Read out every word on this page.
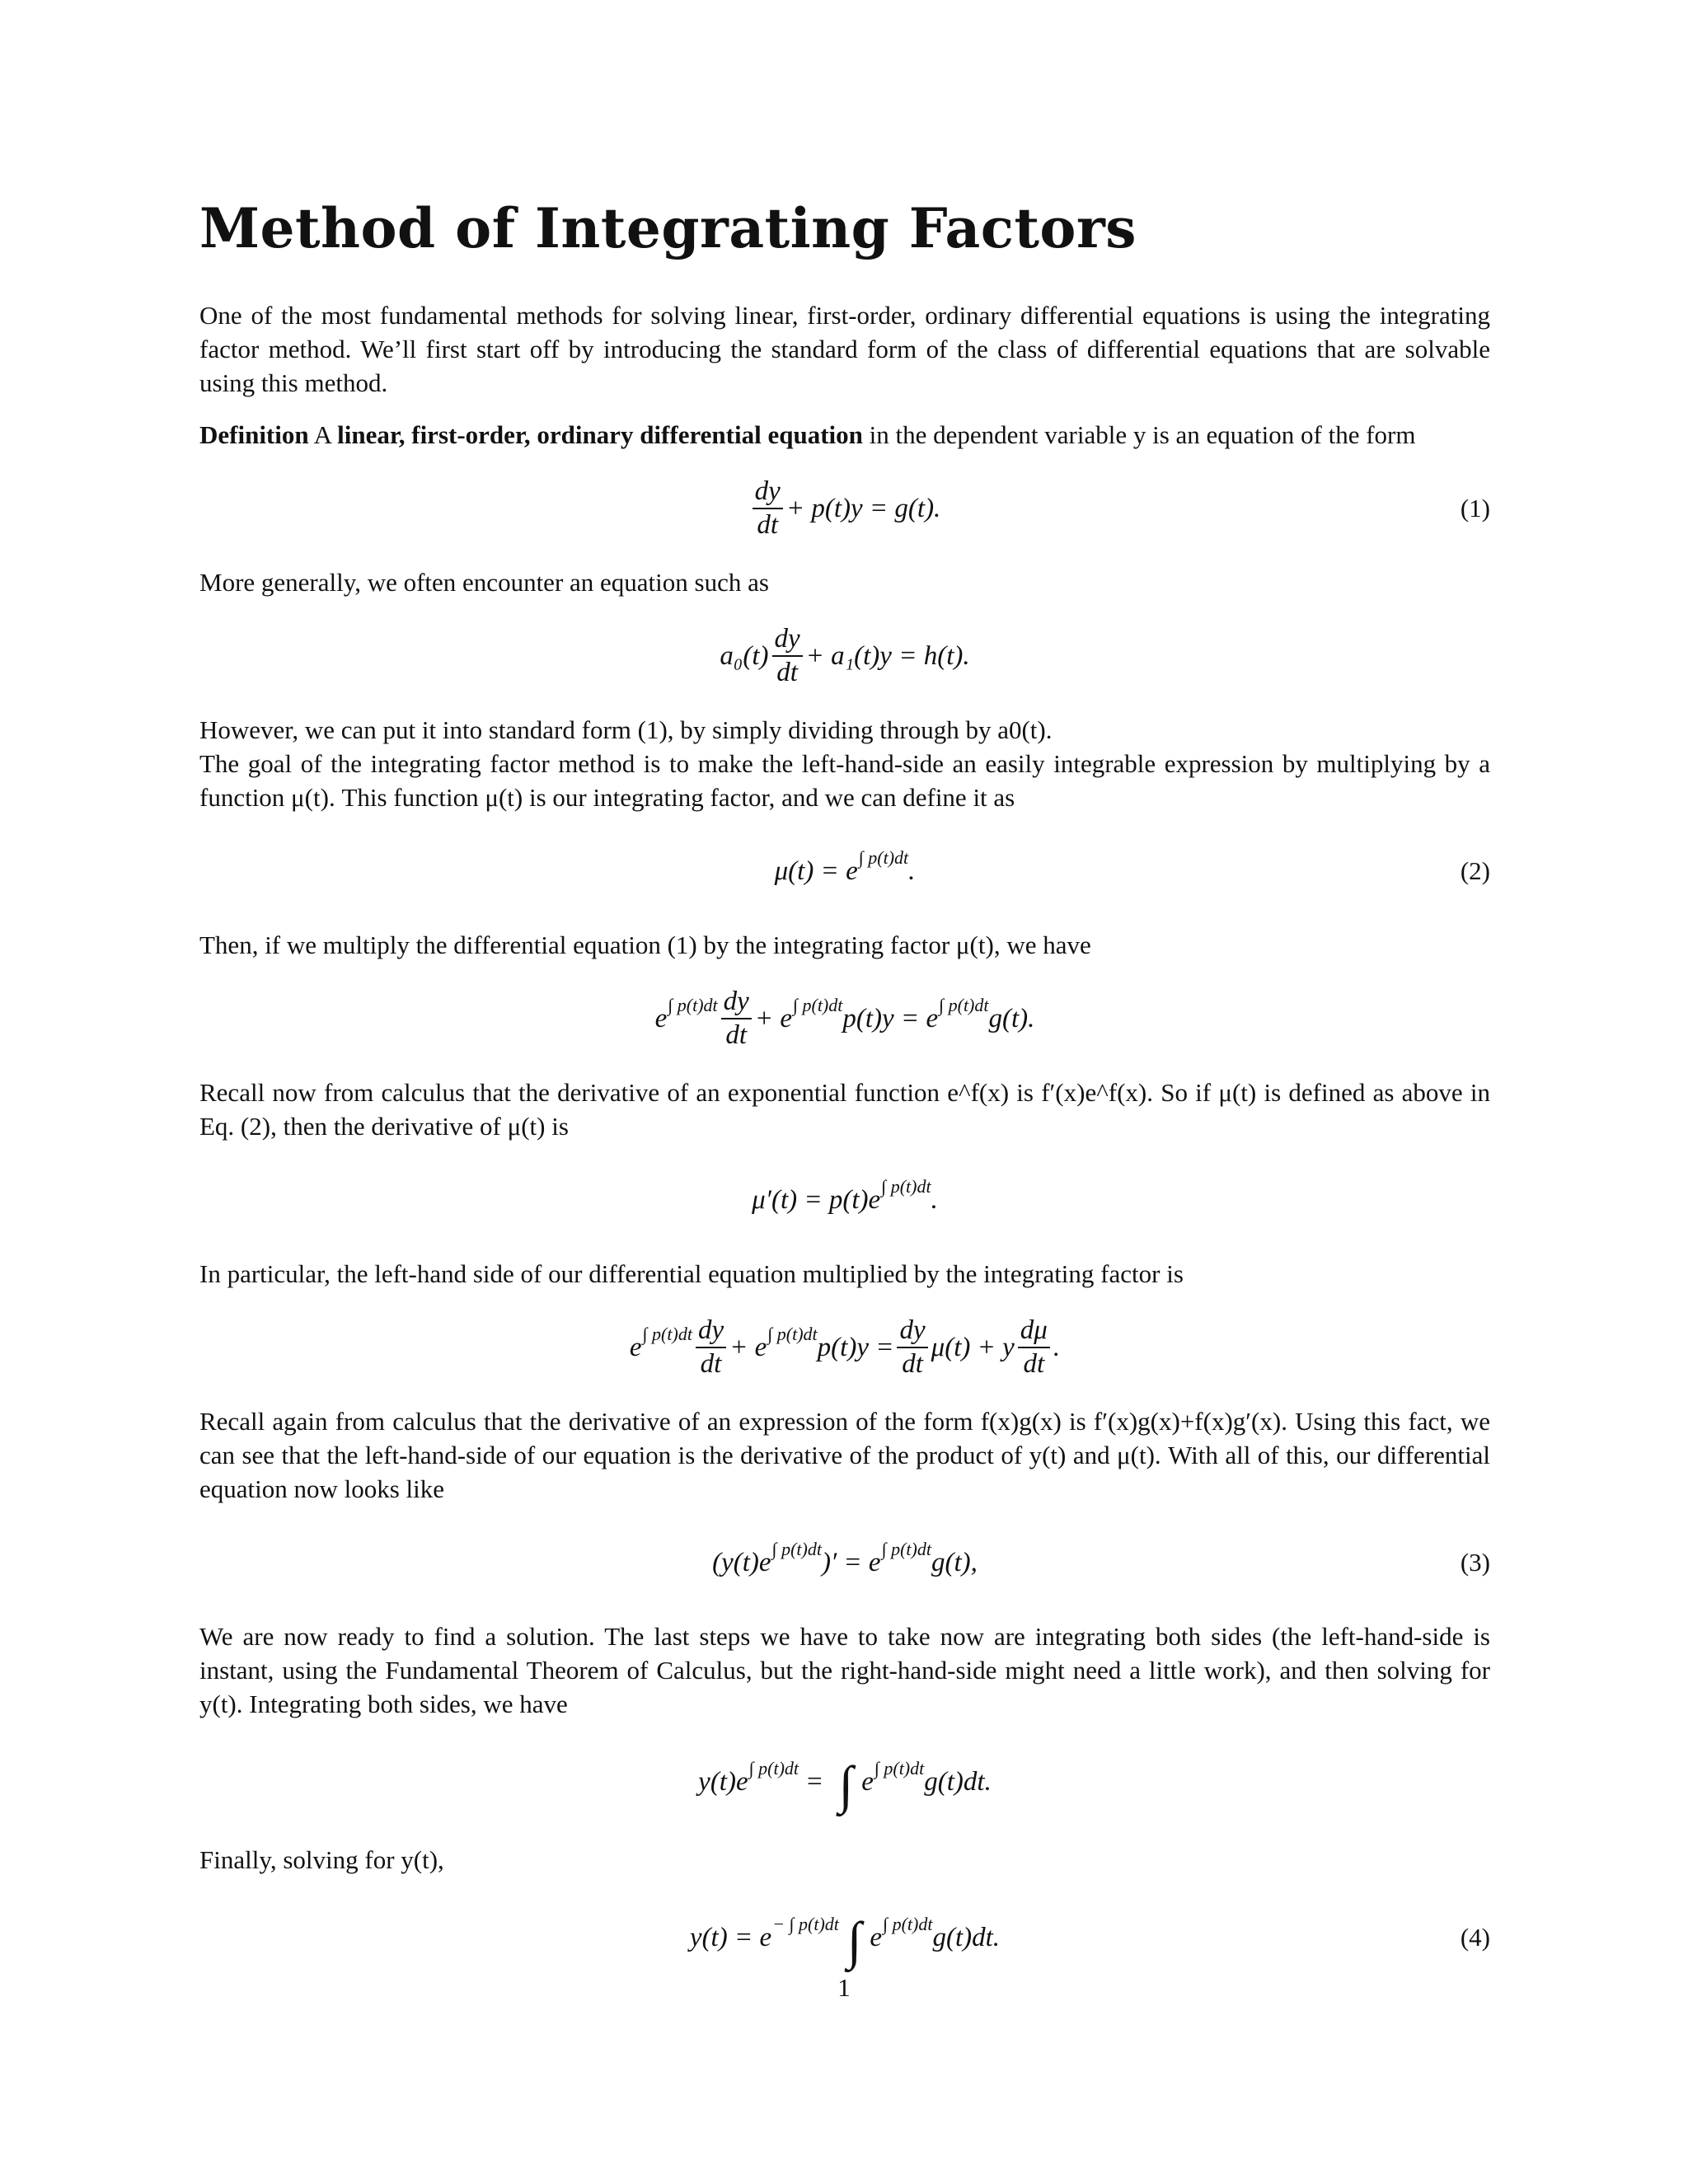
Method of Integrating Factors

One of the most fundamental methods for solving linear, first-order, ordinary differential equations is using the integrating factor method. We’ll first start off by introducing the standard form of the class of differential equations that are solvable using this method.

Definition A linear, first-order, ordinary differential equation in the dependent variable y is an equation of the form

$\frac{dy}{dt} + p(t)y = g(t)$.	(1)

More generally, we often encounter an equation such as

$a_0(t) \frac{dy}{dt} + a_1(t)y = h(t)$.

However, we can put it into standard form (1), by simply dividing through by a0(t).

The goal of the integrating factor method is to make the left-hand-side an easily integrable expression by multiplying by a function μ(t). This function μ(t) is our integrating factor, and we can define it as

μ(t) = e ∫ p(t)dt .	(2)

Then, if we multiply the differential equation (1) by the integrating factor μ(t), we have

e ∫ $p(t)dt \frac{dy}{dt} + e$ ∫ p(t)dt p(t)y = e ∫ p(t)dt g(t).

Recall now from calculus that the derivative of an exponential function e^f(x) is f′(x)e^f(x). So if μ(t) is defined as above in Eq. (2), then the derivative of μ(t) is

μ′(t) = p(t)e ∫ p(t)dt .

In particular, the left-hand side of our differential equation multiplied by the integrating factor is

e ∫ $p(t)dt \frac{dy}{dt} + e$ ∫ p(t)dt $p(t)y = \frac{dy}{dt} \mu(t) + y \frac{d\mu}{dt}$ .

Recall again from calculus that the derivative of an expression of the form f(x)g(x) is f′(x)g(x)+f(x)g′(x). Using this fact, we can see that the left-hand-side of our equation is the derivative of the product of y(t) and μ(t). With all of this, our differential equation now looks like

(y(t)e ∫ p(t)dt )′ = e ∫ p(t)dt g(t),	(3)

We are now ready to find a solution. The last steps we have to take now are integrating both sides (the left-hand-side is instant, using the Fundamental Theorem of Calculus, but the right-hand-side might need a little work), and then solving for y(t). Integrating both sides, we have

y(t)e ∫ p(t)dt = ∫ e ∫ p(t)dt g(t)dt.

Finally, solving for y(t),

y(t) = e − ∫ p(t)dt ∫ e ∫ p(t)dt g(t)dt.	(4)
1
